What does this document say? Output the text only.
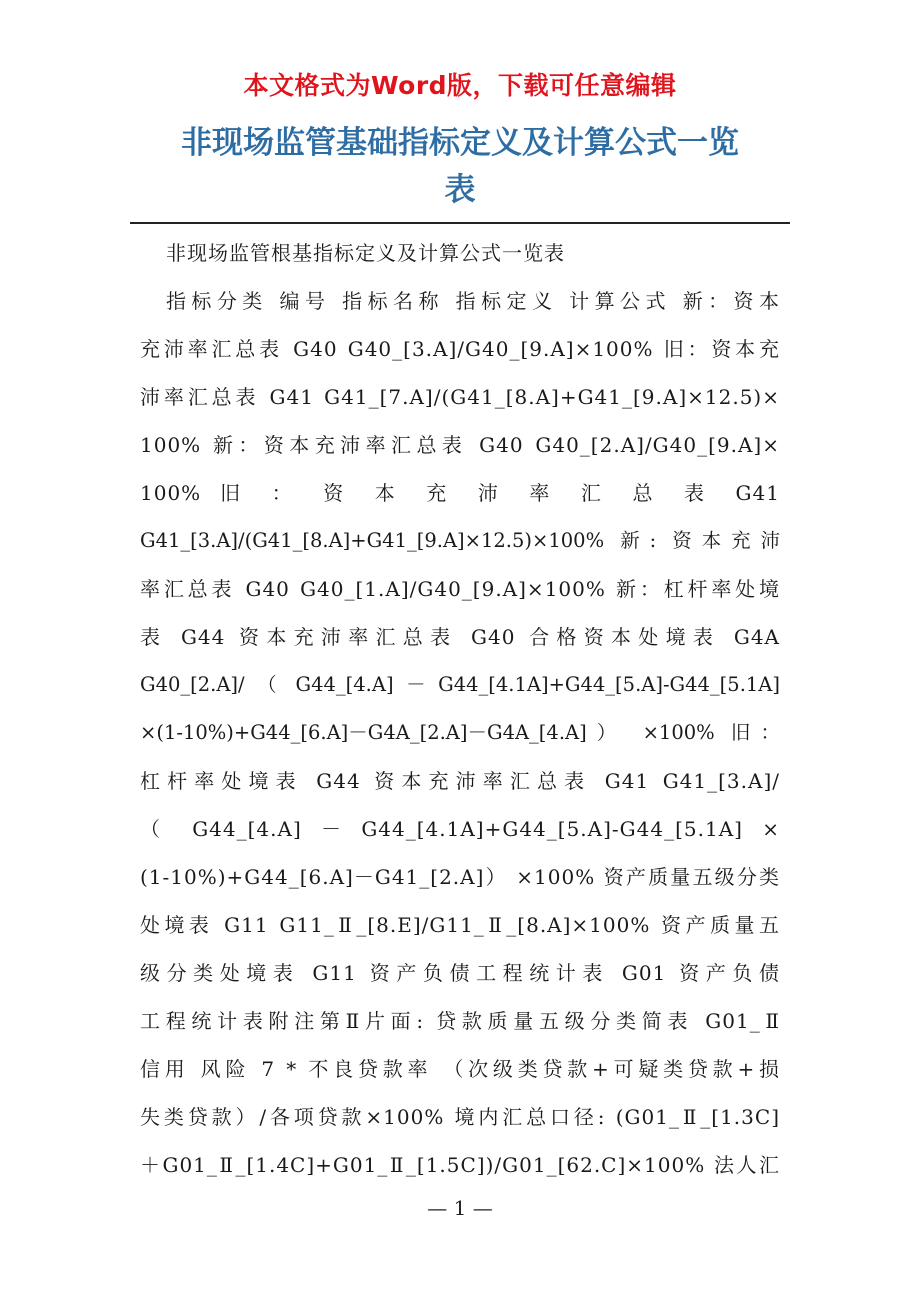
本文格式为Word版，下载可任意编辑
非现场监管基础指标定义及计算公式一览
表
非现场监管根基指标定义及计算公式一览表
指标分类 编号 指标名称 指标定义 计算公式 新：资本
充沛率汇总表 G40 G40_[3.A]/G40_[9.A]×100% 旧：资本充
沛率汇总表 G41 G41_[7.A]/(G41_[8.A]+G41_[9.A]×12.5)×
100% 新：资本充沛率汇总表 G40 G40_[2.A]/G40_[9.A]×
100% 旧 ： 资 本 充 沛 率 汇 总 表 G41
G41_[3.A]/(G41_[8.A]+G41_[9.A]×12.5)×100% 新: 资本充沛
率汇总表 G40 G40_[1.A]/G40_[9.A]×100% 新：杠杆率处境
表 G44 资本充沛率汇总表 G40 合格资本处境表 G4A
G40_[2.A]/ （ G44_[4.A] － G44_[4.1A]+G44_[5.A]-G44_[5.1A]
×(1-10%)+G44_[6.A]－G4A_[2.A]－G4A_[4.A]） ×100% 旧：
杠杆率处境表 G44 资本充沛率汇总表 G41 G41_[3.A]/
（ G44_[4.A] － G44_[4.1A]+G44_[5.A]-G44_[5.1A] ×
(1-10%)+G44_[6.A]－G41_[2.A]） ×100% 资产质量五级分类
处境表 G11 G11_Ⅱ_[8.E]/G11_Ⅱ_[8.A]×100% 资产质量五
级分类处境表 G11 资产负债工程统计表 G01 资产负债
工程统计表附注第Ⅱ片面: 贷款质量五级分类简表 G01_Ⅱ
信用 风险 7 * 不良贷款率 （次级类贷款+可疑类贷款+损
失类贷款）/各项贷款×100% 境内汇总口径: (G01_Ⅱ_[1.3C]
＋G01_Ⅱ_[1.4C]+G01_Ⅱ_[1.5C])/G01_[62.C]×100% 法人汇
— 1 —
